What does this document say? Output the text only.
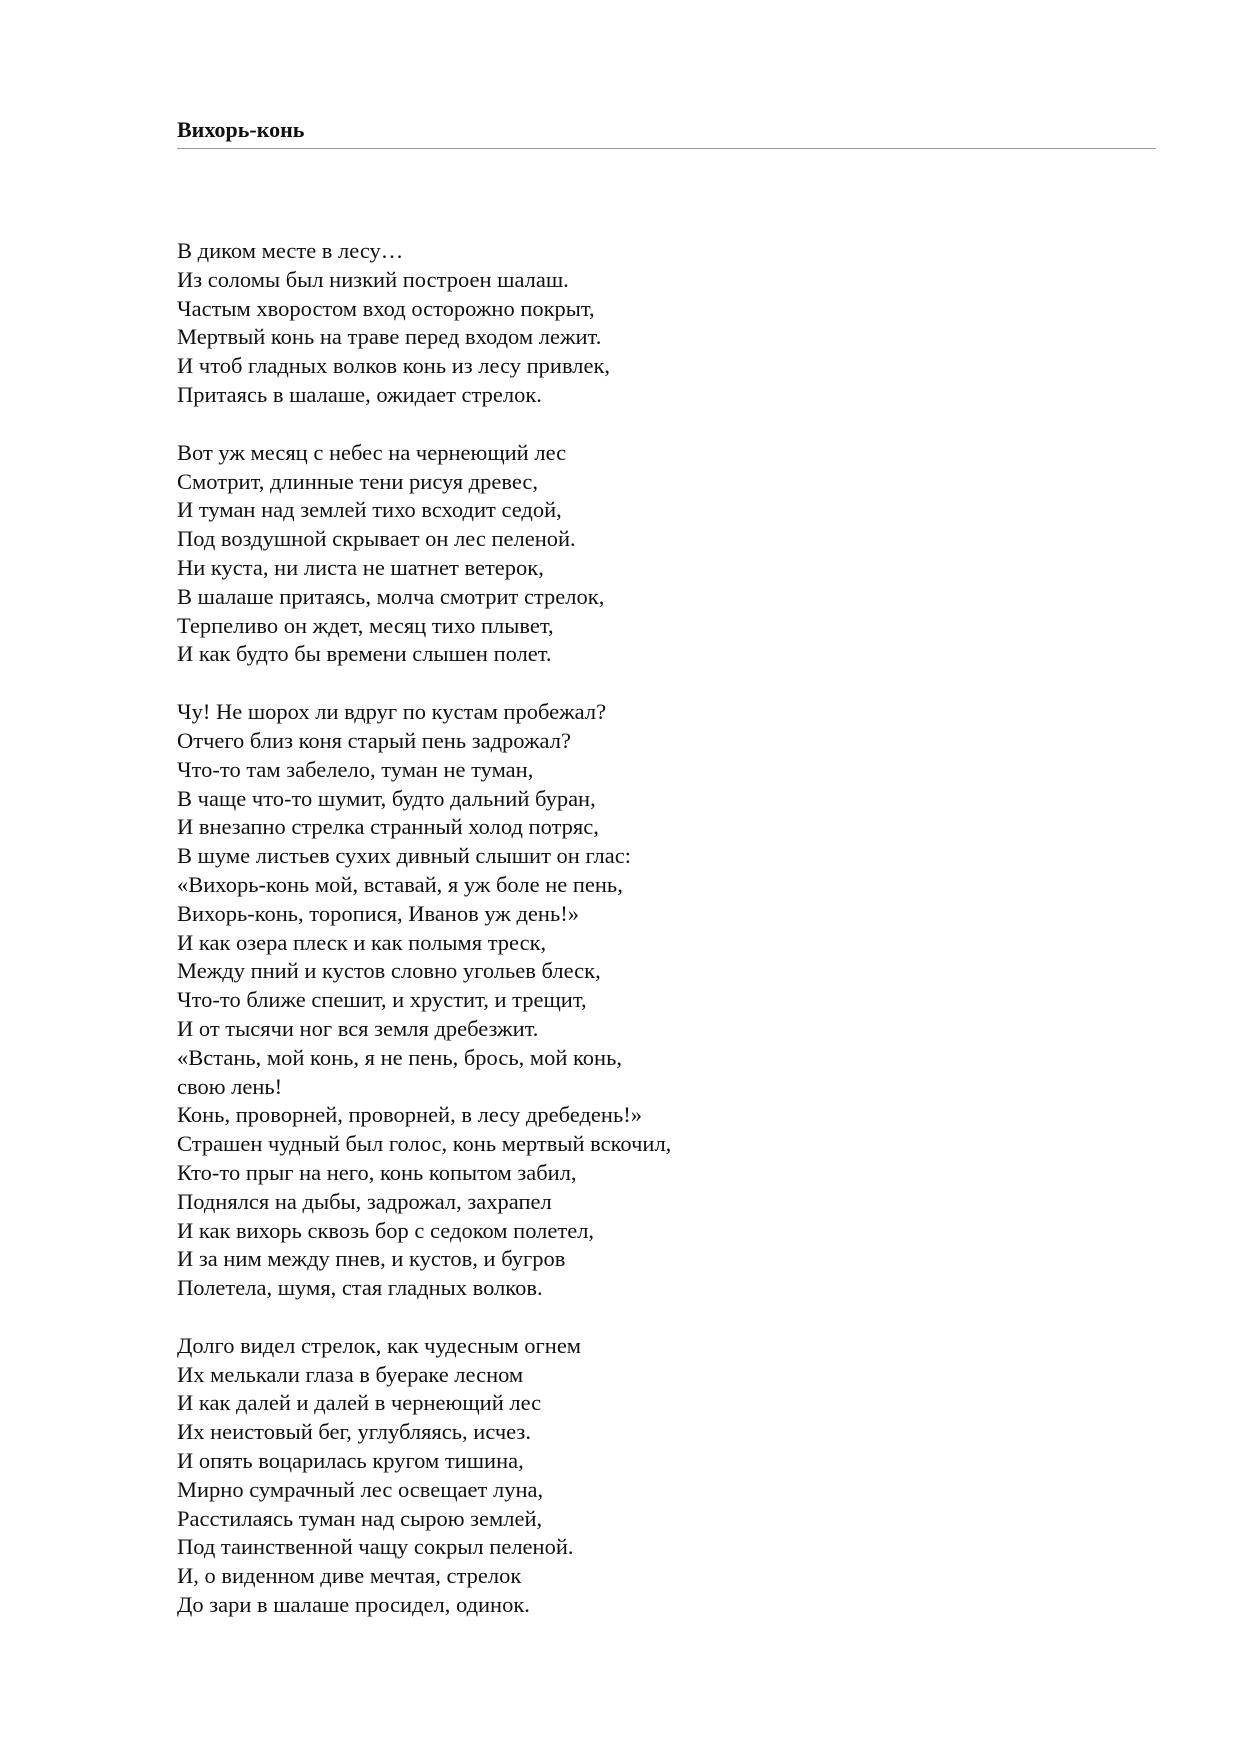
Вихорь-конь
В диком месте в лесу…
Из соломы был низкий построен шалаш.
Частым хворостом вход осторожно покрыт,
Мертвый конь на траве перед входом лежит.
И чтоб гладных волков конь из лесу привлек,
Притаясь в шалаше, ожидает стрелок.
Вот уж месяц с небес на чернеющий лес
Смотрит, длинные тени рисуя древес,
И туман над землей тихо всходит седой,
Под воздушной скрывает он лес пеленой.
Ни куста, ни листа не шатнет ветерок,
В шалаше притаясь, молча смотрит стрелок,
Терпеливо он ждет, месяц тихо плывет,
И как будто бы времени слышен полет.
Чу! Не шорох ли вдруг по кустам пробежал?
Отчего близ коня старый пень задрожал?
Что-то там забелело, туман не туман,
В чаще что-то шумит, будто дальний буран,
И внезапно стрелка странный холод потряс,
В шуме листьев сухих дивный слышит он глас:
«Вихорь-конь мой, вставай, я уж боле не пень,
Вихорь-конь, торопися, Иванов уж день!»
И как озера плеск и как полымя треск,
Между пний и кустов словно угольев блеск,
Что-то ближе спешит, и хрустит, и трещит,
И от тысячи ног вся земля дребезжит.
«Встань, мой конь, я не пень, брось, мой конь,
свою лень!
Конь, проворней, проворней, в лесу дребедень!»
Страшен чудный был голос, конь мертвый вскочил,
Кто-то прыг на него, конь копытом забил,
Поднялся на дыбы, задрожал, захрапел
И как вихорь сквозь бор с седоком полетел,
И за ним между пнев, и кустов, и бугров
Полетела, шумя, стая гладных волков.
Долго видел стрелок, как чудесным огнем
Их мелькали глаза в буераке лесном
И как далей и далей в чернеющий лес
Их неистовый бег, углубляясь, исчез.
И опять воцарилась кругом тишина,
Мирно сумрачный лес освещает луна,
Расстилаясь туман над сырою землей,
Под таинственной чащу сокрыл пеленой.
И, о виденном диве мечтая, стрелок
До зари в шалаше просидел, одинок.
